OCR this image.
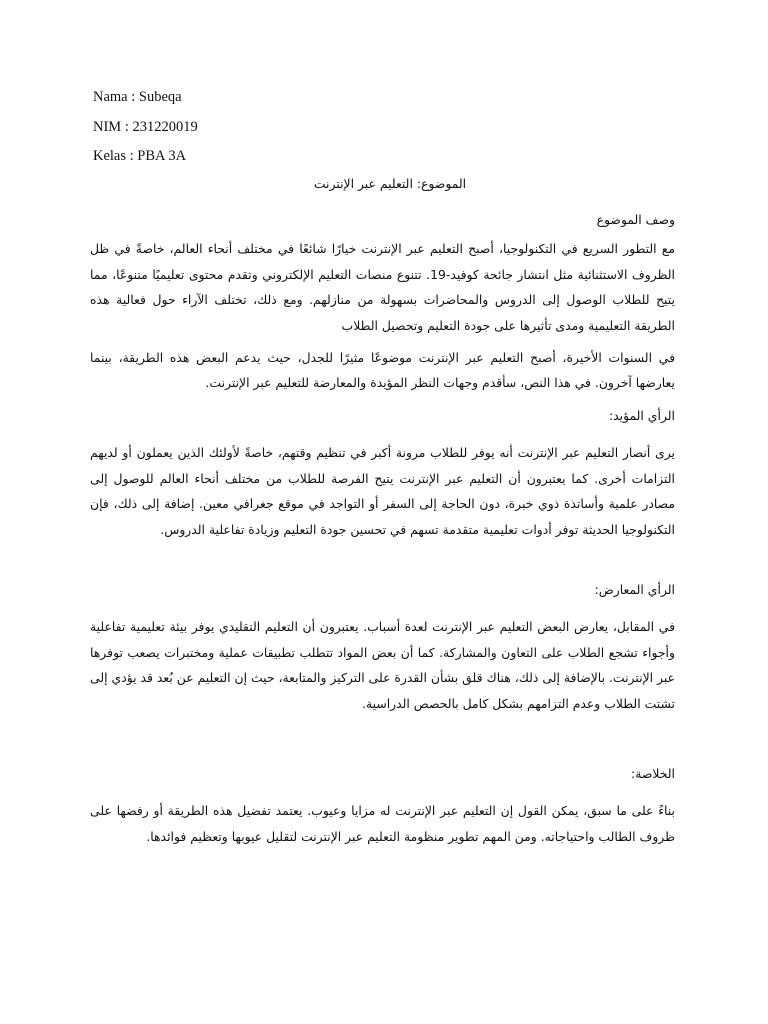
Nama : Subeqa
NIM : 231220019
Kelas : PBA 3A
الموضوع: التعليم عبر الإنترنت
وصف الموضوع
مع التطور السريع في التكنولوجيا، أصبح التعليم عبر الإنترنت خيارًا شائعًا في مختلف أنحاء العالم، خاصةً في ظل الظروف الاستثنائية مثل انتشار جائحة كوفيد-19. تتنوع منصات التعليم الإلكتروني وتقدم محتوى تعليميًا متنوعًا، مما يتيح للطلاب الوصول إلى الدروس والمحاضرات بسهولة من منازلهم. ومع ذلك، تختلف الآراء حول فعالية هذه الطريقة التعليمية ومدى تأثيرها على جودة التعليم وتحصيل الطلاب
في السنوات الأخيرة، أصبح التعليم عبر الإنترنت موضوعًا مثيرًا للجدل، حيث يدعم البعض هذه الطريقة، بينما يعارضها آخرون. في هذا النص، سأقدم وجهات النظر المؤيدة والمعارضة للتعليم عبر الإنترنت.
الرأي المؤيد:
يرى أنصار التعليم عبر الإنترنت أنه يوفر للطلاب مرونة أكبر في تنظيم وقتهم، خاصةً لأولئك الذين يعملون أو لديهم التزامات أخرى. كما يعتبرون أن التعليم عبر الإنترنت يتيح الفرصة للطلاب من مختلف أنحاء العالم للوصول إلى مصادر علمية وأساتذة ذوي خبرة، دون الحاجة إلى السفر أو التواجد في موقع جغرافي معين. إضافة إلى ذلك، فإن التكنولوجيا الحديثة توفر أدوات تعليمية متقدمة تسهم في تحسين جودة التعليم وزيادة تفاعلية الدروس.
الرأي المعارض:
في المقابل، يعارض البعض التعليم عبر الإنترنت لعدة أسباب. يعتبرون أن التعليم التقليدي يوفر بيئة تعليمية تفاعلية وأجواء تشجع الطلاب على التعاون والمشاركة. كما أن بعض المواد تتطلب تطبيقات عملية ومختبرات يصعب توفرها عبر الإنترنت. بالإضافة إلى ذلك، هناك قلق بشأن القدرة على التركيز والمتابعة، حيث إن التعليم عن بُعد قد يؤدي إلى تشتت الطلاب وعدم التزامهم بشكل كامل بالحصص الدراسية.
الخلاصة:
بناءً على ما سبق، يمكن القول إن التعليم عبر الإنترنت له مزايا وعيوب. يعتمد تفضيل هذه الطريقة أو رفضها على ظروف الطالب واحتياجاته. ومن المهم تطوير منظومة التعليم عبر الإنترنت لتقليل عيوبها وتعظيم فوائدها.
